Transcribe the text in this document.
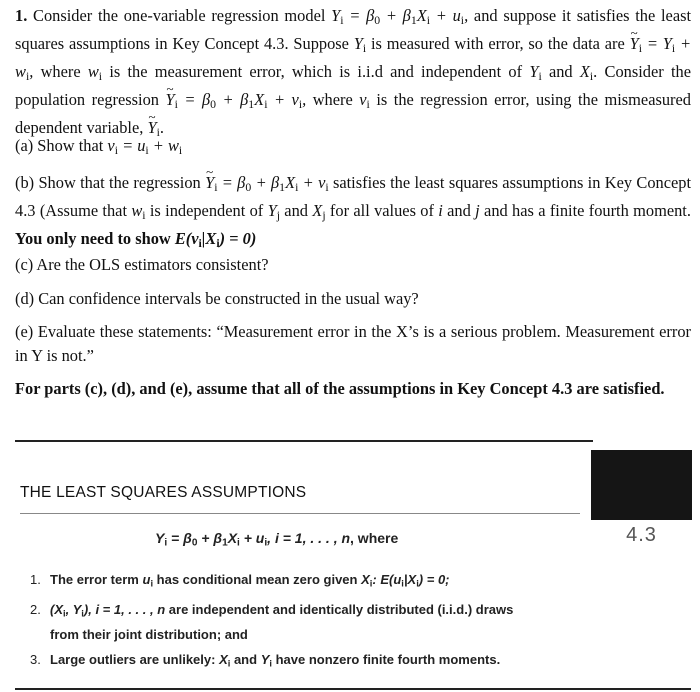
1. Consider the one-variable regression model $Y_i = \beta_0 + \beta_1X_i + u_i$, and suppose it satisfies the least squares assumptions in Key Concept 4.3. Suppose $Y_i$ is measured with error, so the data are ~ $Y_i = Y_i + w_i$, where $w_i$ is the measurement error, which is i.i.d and independent of $Y_i$ and $X_i$. Consider the population regression ~ $Y_i = \beta_0 + \beta_1X_i + v_i$, where $v_i$ is the regression error, using the mismeasured dependent variable, ~ $Y_i$.
(a) Show that $v_i = u_i + w_i$
(b) Show that the regression ~ $Y_i = \beta_0 + \beta_1X_i + v_i$ satisfies the least squares assumptions in Key Concept 4.3 (Assume that $w_i$ is independent of $Y_j$ and $X_j$ for all values of i and j and has a finite fourth moment. You only need to show $E(v_i|X_i) = 0$)
(c) Are the OLS estimators consistent?
(d) Can confidence intervals be constructed in the usual way?
(e) Evaluate these statements: “Measurement error in the X’s is a serious problem. Measurement error in Y is not.”
For parts (c), (d), and (e), assume that all of the assumptions in Key Concept 4.3 are satisfied.
4.3
THE LEAST SQUARES ASSUMPTIONS
$Y_i = \beta_0 + \beta_1X_i + u_i$, i = 1, . . . , n, where
1. The error term $u_i$ has conditional mean zero given $X_i$: $E(u_i|X_i) = 0$;
2. ($X_i$, $Y_i$), i = 1, . . . , n are independent and identically distributed (i.i.d.) draws
from their joint distribution; and
3. Large outliers are unlikely: $X_i$ and $Y_i$ have nonzero finite fourth moments.
